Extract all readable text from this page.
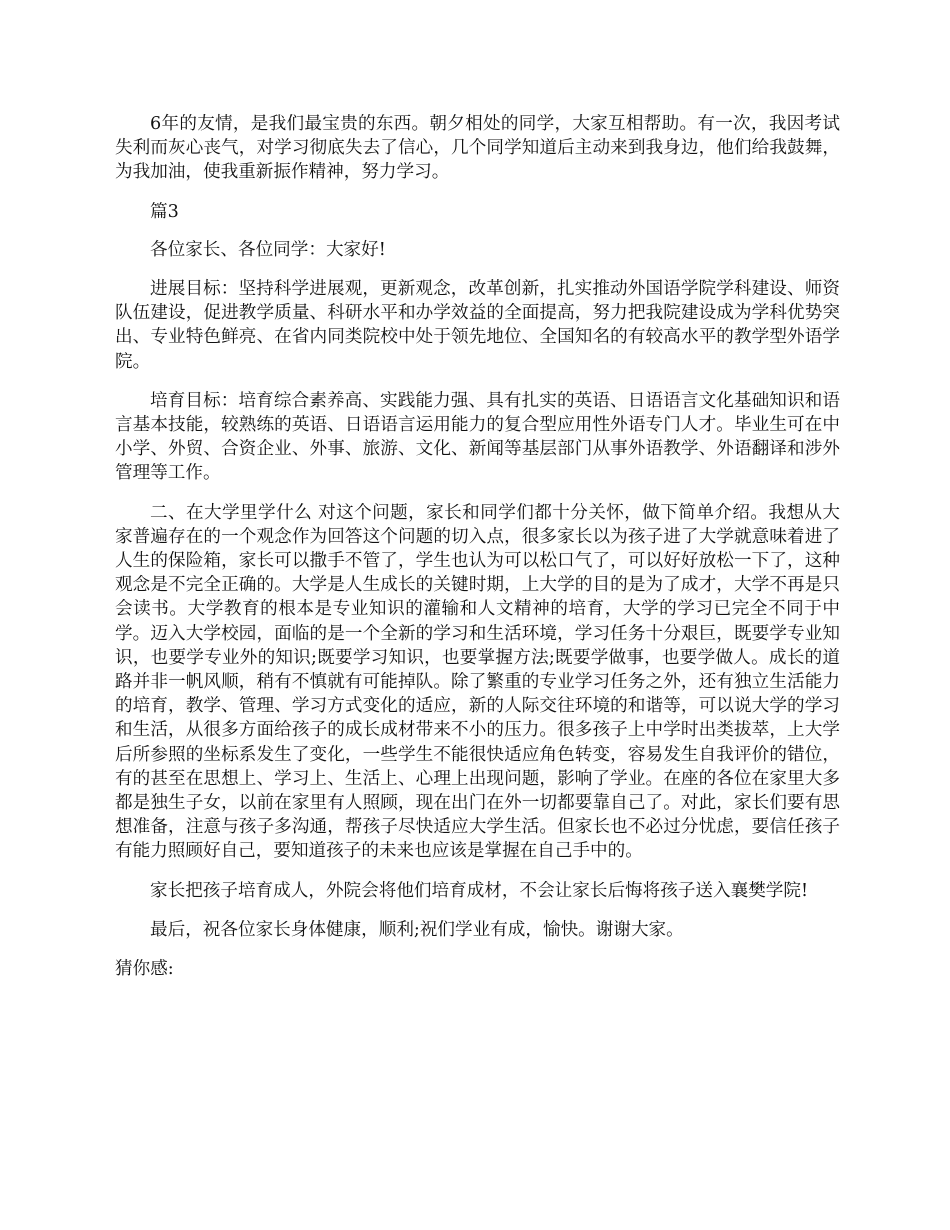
6年的友情，是我们最宝贵的东西。朝夕相处的同学，大家互相帮助。有一次，我因考试失利而灰心丧气，对学习彻底失去了信心，几个同学知道后主动来到我身边，他们给我鼓舞，为我加油，使我重新振作精神，努力学习。

篇3

各位家长、各位同学：大家好!

进展目标：坚持科学进展观，更新观念，改革创新，扎实推动外国语学院学科建设、师资队伍建设，促进教学质量、科研水平和办学效益的全面提高，努力把我院建设成为学科优势突出、专业特色鲜亮、在省内同类院校中处于领先地位、全国知名的有较高水平的教学型外语学院。

培育目标：培育综合素养高、实践能力强、具有扎实的英语、日语语言文化基础知识和语言基本技能，较熟练的英语、日语语言运用能力的复合型应用性外语专门人才。毕业生可在中小学、外贸、合资企业、外事、旅游、文化、新闻等基层部门从事外语教学、外语翻译和涉外管理等工作。

二、在大学里学什么 对这个问题，家长和同学们都十分关怀，做下简单介绍。我想从大家普遍存在的一个观念作为回答这个问题的切入点，很多家长以为孩子进了大学就意味着进了人生的保险箱，家长可以撒手不管了，学生也认为可以松口气了，可以好好放松一下了，这种观念是不完全正确的。大学是人生成长的关键时期，上大学的目的是为了成才，大学不再是只会读书。大学教育的根本是专业知识的灌输和人文精神的培育，大学的学习已完全不同于中学。迈入大学校园，面临的是一个全新的学习和生活环境，学习任务十分艰巨，既要学专业知识，也要学专业外的知识;既要学习知识，也要掌握方法;既要学做事，也要学做人。成长的道路并非一帆风顺，稍有不慎就有可能掉队。除了繁重的专业学习任务之外，还有独立生活能力的培育，教学、管理、学习方式变化的适应，新的人际交往环境的和谐等，可以说大学的学习和生活，从很多方面给孩子的成长成材带来不小的压力。很多孩子上中学时出类拔萃，上大学后所参照的坐标系发生了变化，一些学生不能很快适应角色转变，容易发生自我评价的错位，有的甚至在思想上、学习上、生活上、心理上出现问题，影响了学业。在座的各位在家里大多都是独生子女，以前在家里有人照顾，现在出门在外一切都要靠自己了。对此，家长们要有思想准备，注意与孩子多沟通，帮孩子尽快适应大学生活。但家长也不必过分忧虑，要信任孩子有能力照顾好自己，要知道孩子的未来也应该是掌握在自己手中的。

家长把孩子培育成人，外院会将他们培育成材，不会让家长后悔将孩子送入襄樊学院!

最后，祝各位家长身体健康，顺利;祝们学业有成，愉快。谢谢大家。

猜你感:
